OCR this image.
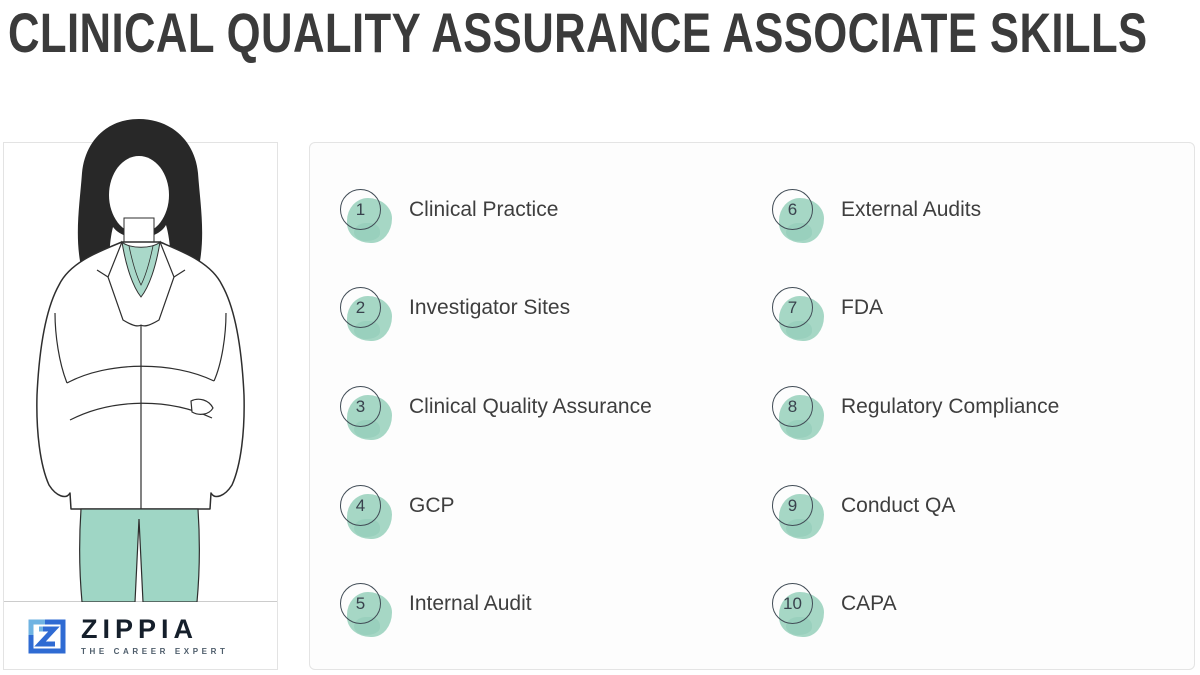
CLINICAL QUALITY ASSURANCE ASSOCIATE SKILLS
ZIPPIA
THE CAREER EXPERT
1	Clinical Practice
2	Investigator Sites
3	Clinical Quality Assurance
4	GCP
5	Internal Audit
6	External Audits
7	FDA
8	Regulatory Compliance
9	Conduct QA
10	CAPA
